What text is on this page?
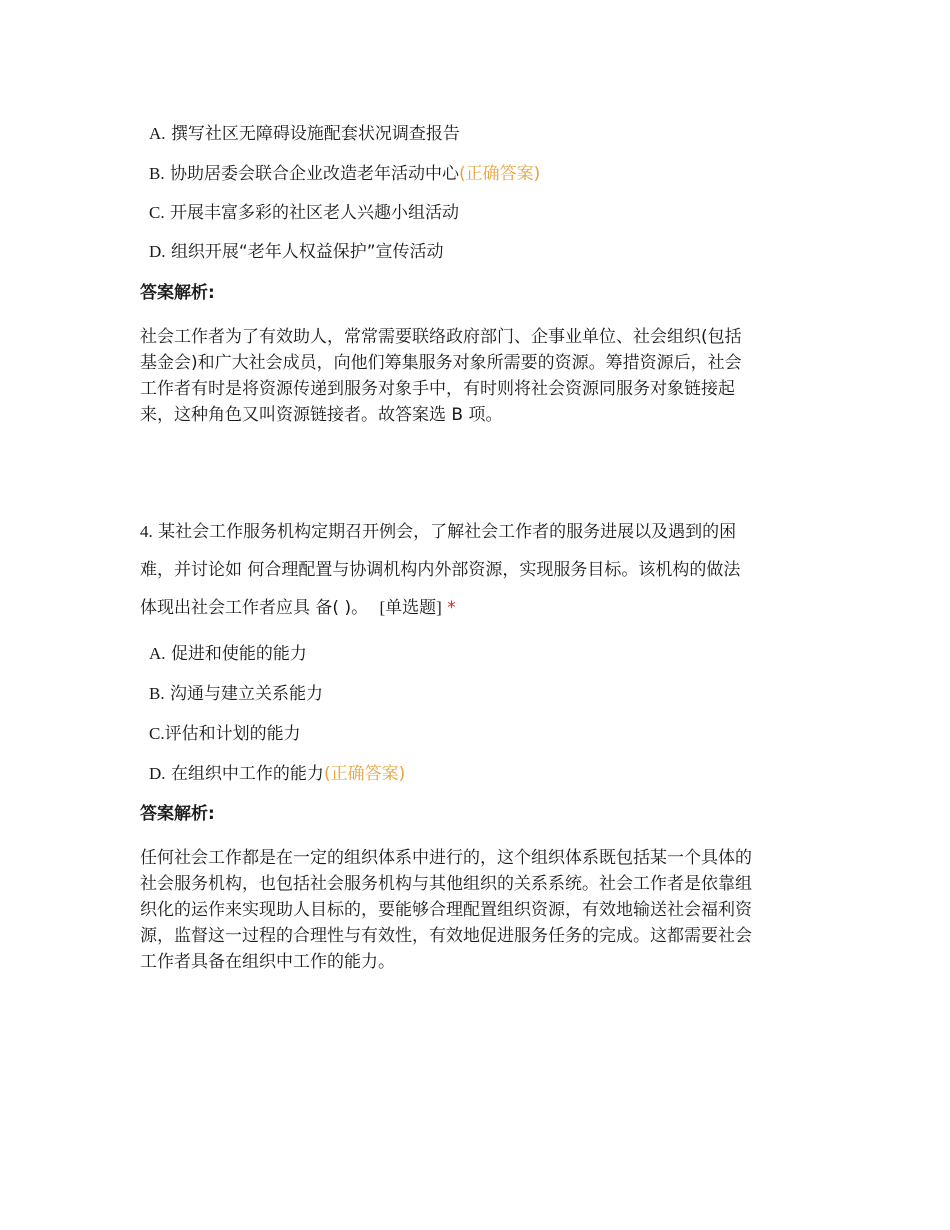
A. 撰写社区无障碍设施配套状况调查报告
B. 协助居委会联合企业改造老年活动中心(正确答案)
C. 开展丰富多彩的社区老人兴趣小组活动
D. 组织开展“老年人权益保护”宣传活动
答案解析:
社会工作者为了有效助人，常常需要联络政府部门、企事业单位、社会组织(包括
基金会)和广大社会成员，向他们筹集服务对象所需要的资源。筹措资源后，社会
工作者有时是将资源传递到服务对象手中，有时则将社会资源同服务对象链接起
来，这种角色又叫资源链接者。故答案选 B 项。
4. 某社会工作服务机构定期召开例会，了解社会工作者的服务进展以及遇到的困
难，并讨论如 何合理配置与协调机构内外部资源，实现服务目标。该机构的做法
体现出社会工作者应具 备( )。 [单选题] *
A. 促进和使能的能力
B. 沟通与建立关系能力
C.评估和计划的能力
D. 在组织中工作的能力(正确答案)
答案解析:
任何社会工作都是在一定的组织体系中进行的，这个组织体系既包括某一个具体的
社会服务机构，也包括社会服务机构与其他组织的关系系统。社会工作者是依靠组
织化的运作来实现助人目标的，要能够合理配置组织资源，有效地输送社会福利资
源，监督这一过程的合理性与有效性，有效地促进服务任务的完成。这都需要社会
工作者具备在组织中工作的能力。
